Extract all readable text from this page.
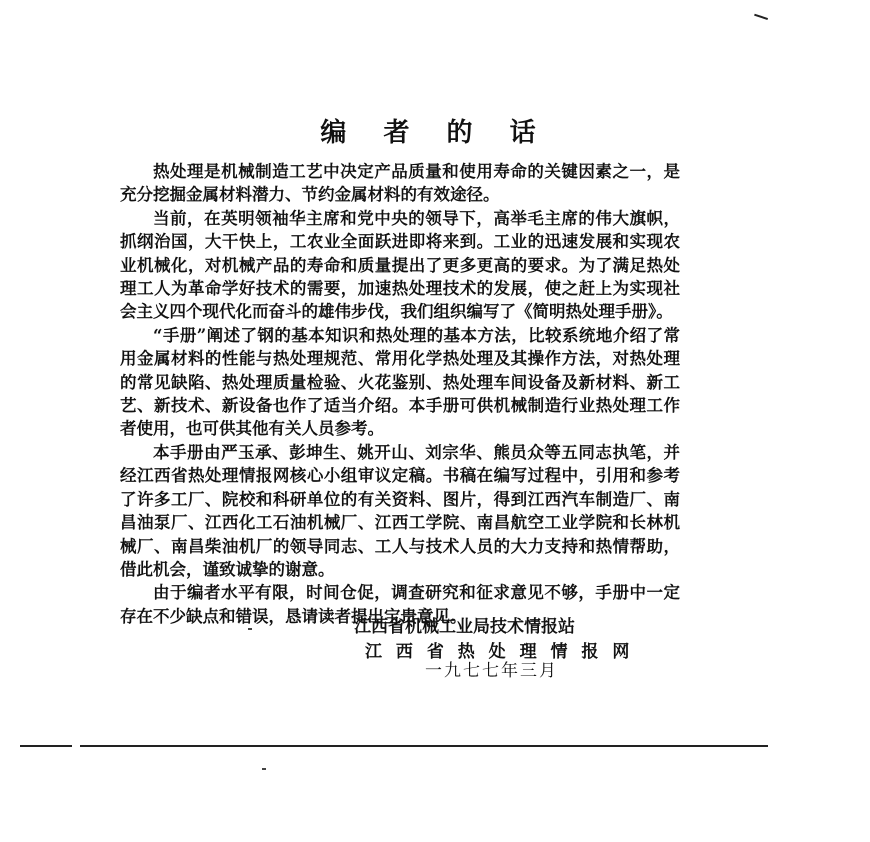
编 者 的 话

热处理是机械制造工艺中决定产品质量和使用寿命的关键因素之一，是充分挖掘金属材料潜力、节约金属材料的有效途径。

当前，在英明领袖华主席和党中央的领导下，高举毛主席的伟大旗帜，抓纲治国，大干快上，工农业全面跃进即将来到。工业的迅速发展和实现农业机械化，对机械产品的寿命和质量提出了更多更高的要求。为了满足热处理工人为革命学好技术的需要，加速热处理技术的发展，使之赶上为实现社会主义四个现代化而奋斗的雄伟步伐，我们组织编写了《简明热处理手册》。

“手册”阐述了钢的基本知识和热处理的基本方法，比较系统地介绍了常用金属材料的性能与热处理规范、常用化学热处理及其操作方法，对热处理的常见缺陷、热处理质量检验、火花鉴别、热处理车间设备及新材料、新工艺、新技术、新设备也作了适当介绍。本手册可供机械制造行业热处理工作者使用，也可供其他有关人员参考。

本手册由严玉承、彭坤生、姚开山、刘宗华、熊员众等五同志执笔，并经江西省热处理情报网核心小组审议定稿。书稿在编写过程中，引用和参考了许多工厂、院校和科研单位的有关资料、图片，得到江西汽车制造厂、南昌油泵厂、江西化工石油机械厂、江西工学院、南昌航空工业学院和长林机械厂、南昌柴油机厂的领导同志、工人与技术人员的大力支持和热情帮助，借此机会，谨致诚挚的谢意。

由于编者水平有限，时间仓促，调查研究和征求意见不够，手册中一定存在不少缺点和错误，恳请读者提出宝贵意见。

江西省机械工业局技术情报站
江 西 省 热 处 理 情 报 网
一九七七年三月
